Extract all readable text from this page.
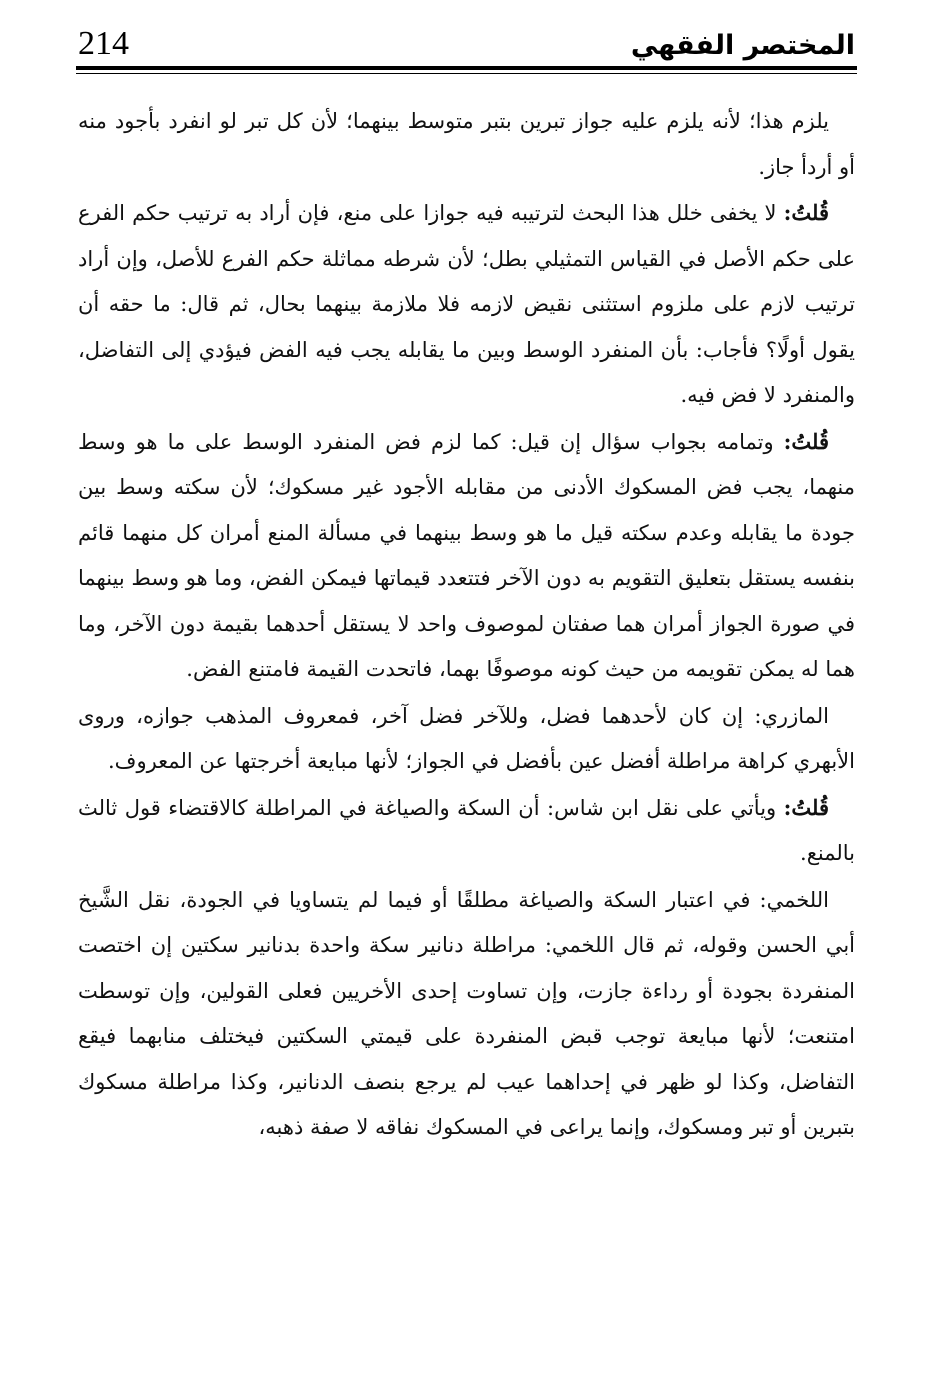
المختصر الفقهي
214

يلزم هذا؛ لأنه يلزم عليه جواز تبرين بتبر متوسط بينهما؛ لأن كل تبر لو انفرد بأجود منه أو أردأ جاز.

قُلتُ: لا يخفى خلل هذا البحث لترتيبه فيه جوازا على منع، فإن أراد به ترتيب حكم الفرع على حكم الأصل في القياس التمثيلي بطل؛ لأن شرطه مماثلة حكم الفرع للأصل، وإن أراد ترتيب لازم على ملزوم استثنى نقيض لازمه فلا ملازمة بينهما بحال، ثم قال: ما حقه أن يقول أولًا؟ فأجاب: بأن المنفرد الوسط وبين ما يقابله يجب فيه الفض فيؤدي إلى التفاضل، والمنفرد لا فض فيه.

قُلتُ: وتمامه بجواب سؤال إن قيل: كما لزم فض المنفرد الوسط على ما هو وسط منهما، يجب فض المسكوك الأدنى من مقابله الأجود غير مسكوك؛ لأن سكته وسط بين جودة ما يقابله وعدم سكته قيل ما هو وسط بينهما في مسألة المنع أمران كل منهما قائم بنفسه يستقل بتعليق التقويم به دون الآخر فتتعدد قيماتها فيمكن الفض، وما هو وسط بينهما في صورة الجواز أمران هما صفتان لموصوف واحد لا يستقل أحدهما بقيمة دون الآخر، وما هما له يمكن تقويمه من حيث كونه موصوفًا بهما، فاتحدت القيمة فامتنع الفض.

المازري: إن كان لأحدهما فضل، وللآخر فضل آخر، فمعروف المذهب جوازه، وروى الأبهري كراهة مراطلة أفضل عين بأفضل في الجواز؛ لأنها مبايعة أخرجتها عن المعروف.

قُلتُ: ويأتي على نقل ابن شاس: أن السكة والصياغة في المراطلة كالاقتضاء قول ثالث بالمنع.

اللخمي: في اعتبار السكة والصياغة مطلقًا أو فيما لم يتساويا في الجودة، نقل الشَّيخ أبي الحسن وقوله، ثم قال اللخمي: مراطلة دنانير سكة واحدة بدنانير سكتين إن اختصت المنفردة بجودة أو رداءة جازت، وإن تساوت إحدى الأخريين فعلى القولين، وإن توسطت امتنعت؛ لأنها مبايعة توجب قبض المنفردة على قيمتي السكتين فيختلف منابهما فيقع التفاضل، وكذا لو ظهر في إحداهما عيب لم يرجع بنصف الدنانير، وكذا مراطلة مسكوك بتبرين أو تبر ومسكوك، وإنما يراعى في المسكوك نفاقه لا صفة ذهبه،
